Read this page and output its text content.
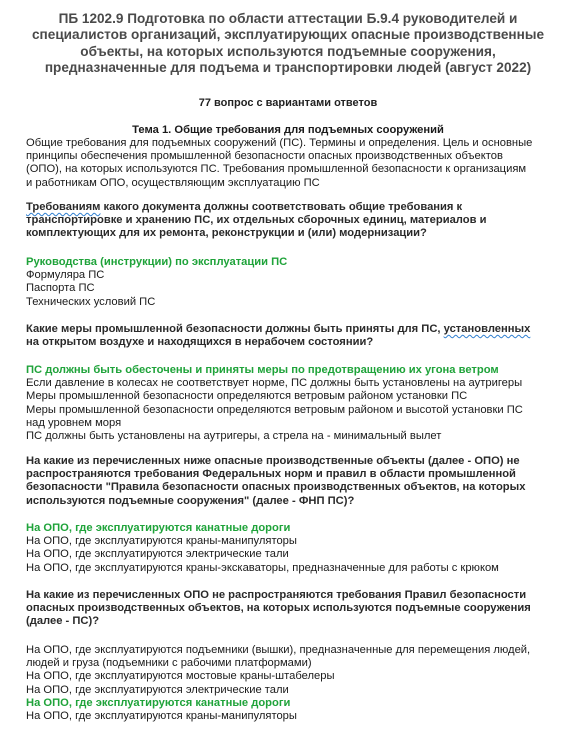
ПБ 1202.9 Подготовка по области аттестации Б.9.4 руководителей и специалистов организаций, эксплуатирующих опасные производственные объекты, на которых используются подъемные сооружения, предназначенные для подъема и транспортировки людей (август 2022)
77 вопрос с вариантами ответов
Тема 1. Общие требования для подъемных сооружений
Общие требования для подъемных сооружений (ПС). Термины и определения. Цель и основные
принципы обеспечения промышленной безопасности опасных производственных объектов
(ОПО), на которых используются ПС. Требования промышленной безопасности к организациям
и работникам ОПО, осуществляющим эксплуатацию ПС
Требованиям какого документа должны соответствовать общие требования к
транспортировке и хранению ПС, их отдельных сборочных единиц, материалов и
комплектующих для их ремонта, реконструкции и (или) модернизации?
Руководства (инструкции) по эксплуатации ПС
Формуляра ПС
Паспорта ПС
Технических условий ПС
Какие меры промышленной безопасности должны быть приняты для ПС, установленных
на открытом воздухе и находящихся в нерабочем состоянии?
ПС должны быть обесточены и приняты меры по предотвращению их угона ветром
Если давление в колесах не соответствует норме, ПС должны быть установлены на аутригеры
Меры промышленной безопасности определяются ветровым районом установки ПС
Меры промышленной безопасности определяются ветровым районом и высотой установки ПС
над уровнем моря
ПС должны быть установлены на аутригеры, а стрела на - минимальный вылет
На какие из перечисленных ниже опасные производственные объекты (далее - ОПО) не
распространяются требования Федеральных норм и правил в области промышленной
безопасности "Правила безопасности опасных производственных объектов, на которых
используются подъемные сооружения" (далее - ФНП ПС)?
На ОПО, где эксплуатируются канатные дороги
На ОПО, где эксплуатируются краны-манипуляторы
На ОПО, где эксплуатируются электрические тали
На ОПО, где эксплуатируются краны-экскаваторы, предназначенные для работы с крюком
На какие из перечисленных ОПО не распространяются требования Правил безопасности
опасных производственных объектов, на которых используются подъемные сооружения
(далее - ПС)?
На ОПО, где эксплуатируются подъемники (вышки), предназначенные для перемещения людей,
людей и груза (подъемники с рабочими платформами)
На ОПО, где эксплуатируются мостовые краны-штабелеры
На ОПО, где эксплуатируются электрические тали
На ОПО, где эксплуатируются канатные дороги
На ОПО, где эксплуатируются краны-манипуляторы
